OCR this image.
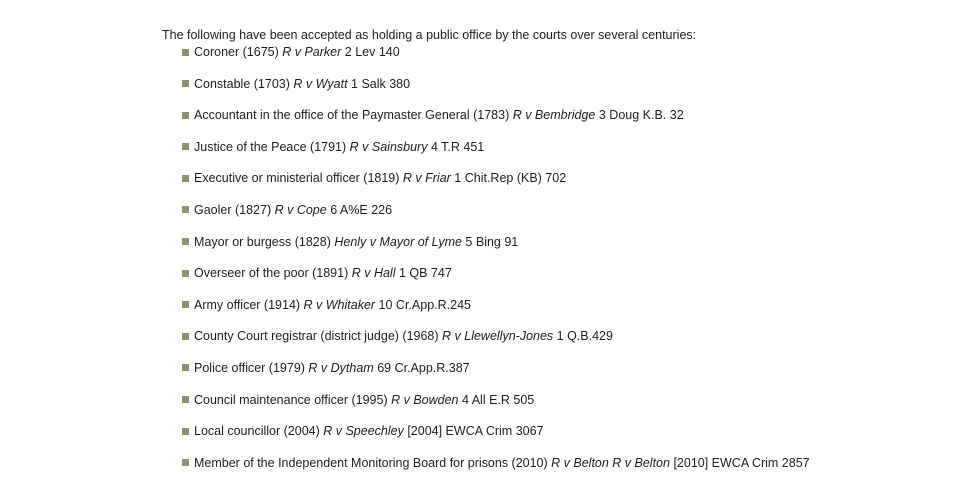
The following have been accepted as holding a public office by the courts over several centuries:

Coroner (1675) R v Parker 2 Lev 140
Constable (1703) R v Wyatt 1 Salk 380
Accountant in the office of the Paymaster General (1783) R v Bembridge 3 Doug K.B. 32
Justice of the Peace (1791) R v Sainsbury 4 T.R 451
Executive or ministerial officer (1819) R v Friar 1 Chit.Rep (KB) 702
Gaoler (1827) R v Cope 6 A%E 226
Mayor or burgess (1828) Henly v Mayor of Lyme 5 Bing 91
Overseer of the poor (1891) R v Hall 1 QB 747
Army officer (1914) R v Whitaker 10 Cr.App.R.245
County Court registrar (district judge) (1968) R v Llewellyn-Jones 1 Q.B.429
Police officer (1979) R v Dytham 69 Cr.App.R.387
Council maintenance officer (1995) R v Bowden 4 All E.R 505
Local councillor (2004) R v Speechley [2004] EWCA Crim 3067
Member of the Independent Monitoring Board for prisons (2010) R v Belton R v Belton [2010] EWCA Crim 2857
